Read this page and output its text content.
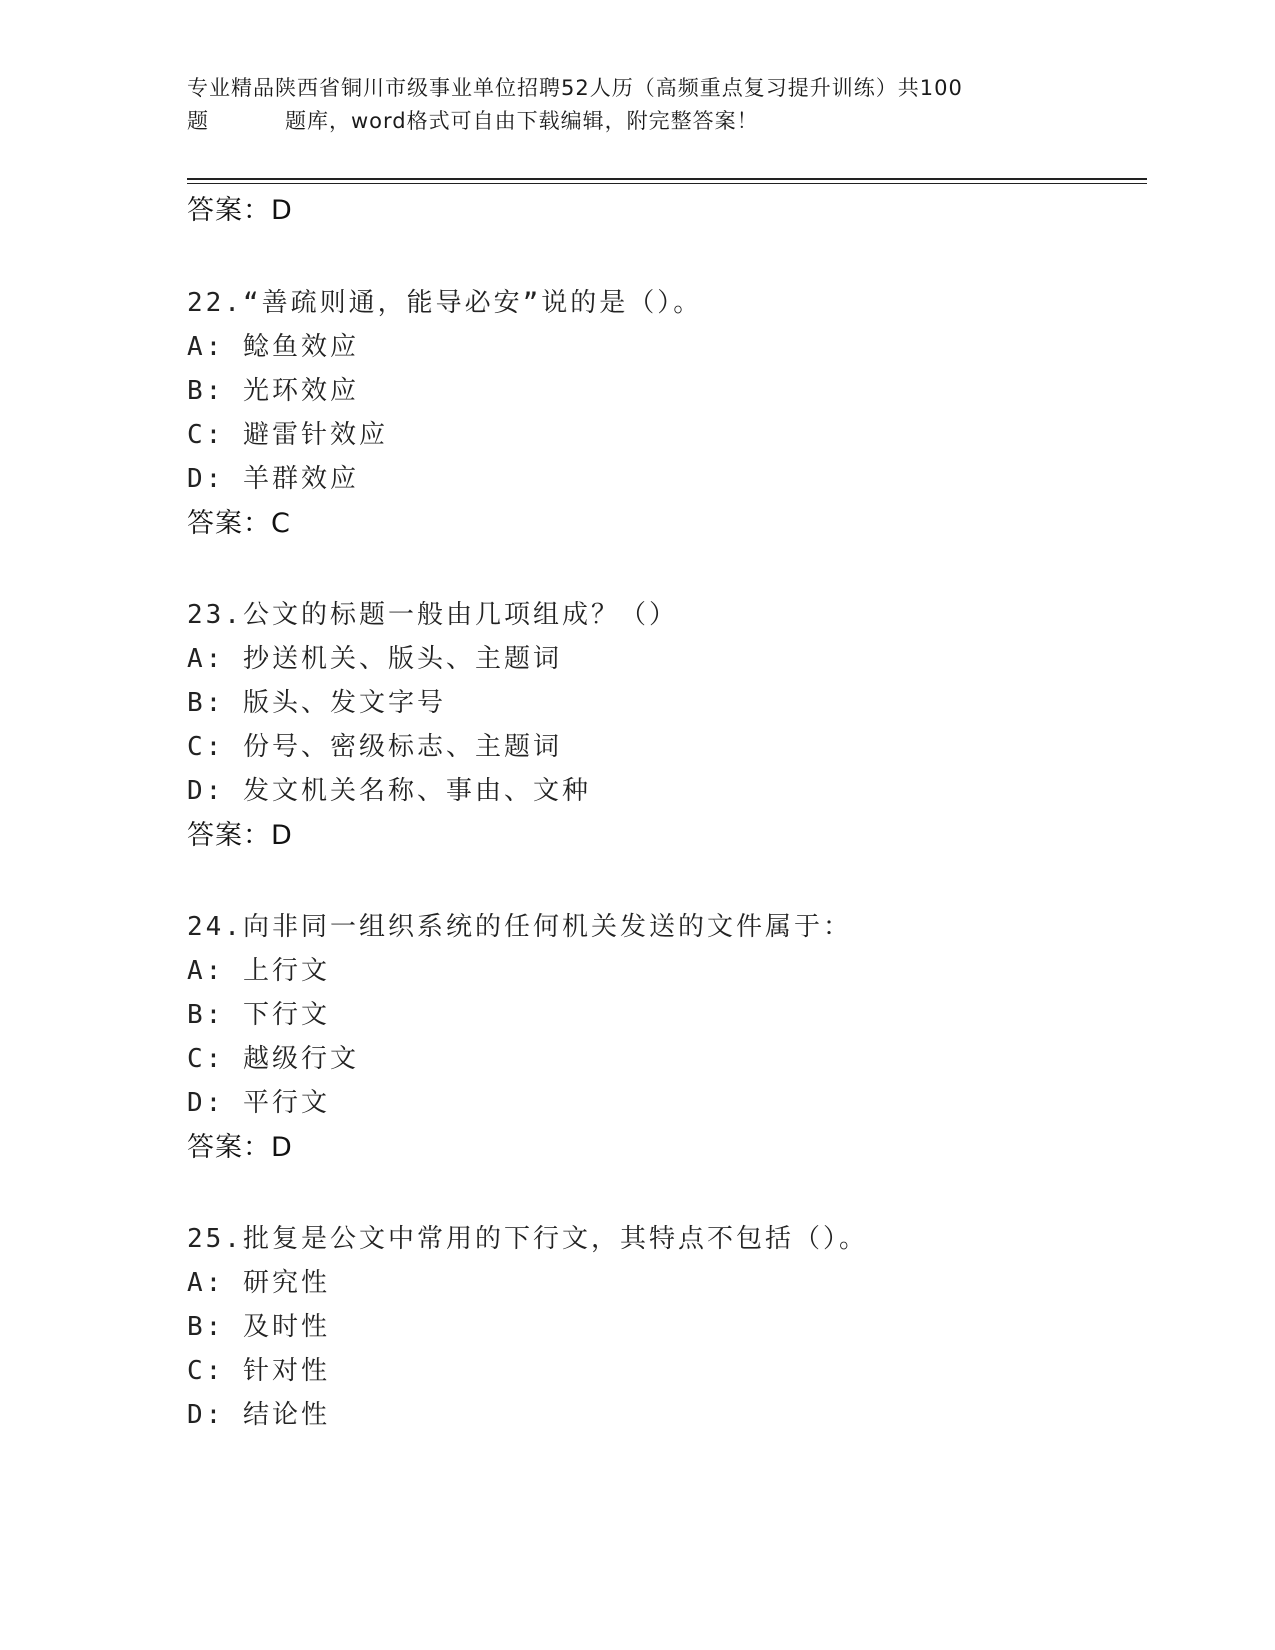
专业精品陕西省铜川市级事业单位招聘52人历（高频重点复习提升训练）共100
题	题库，word格式可自由下载编辑，附完整答案！
答案：D
22.“善疏则通，能导必安”说的是（）。
A: 鲶鱼效应
B: 光环效应
C: 避雷针效应
D: 羊群效应
答案：C
23.公文的标题一般由几项组成？（）
A: 抄送机关、版头、主题词
B: 版头、发文字号
C: 份号、密级标志、主题词
D: 发文机关名称、事由、文种
答案：D
24.向非同一组织系统的任何机关发送的文件属于：
A: 上行文
B: 下行文
C: 越级行文
D: 平行文
答案：D
25.批复是公文中常用的下行文，其特点不包括（）。
A: 研究性
B: 及时性
C: 针对性
D: 结论性
